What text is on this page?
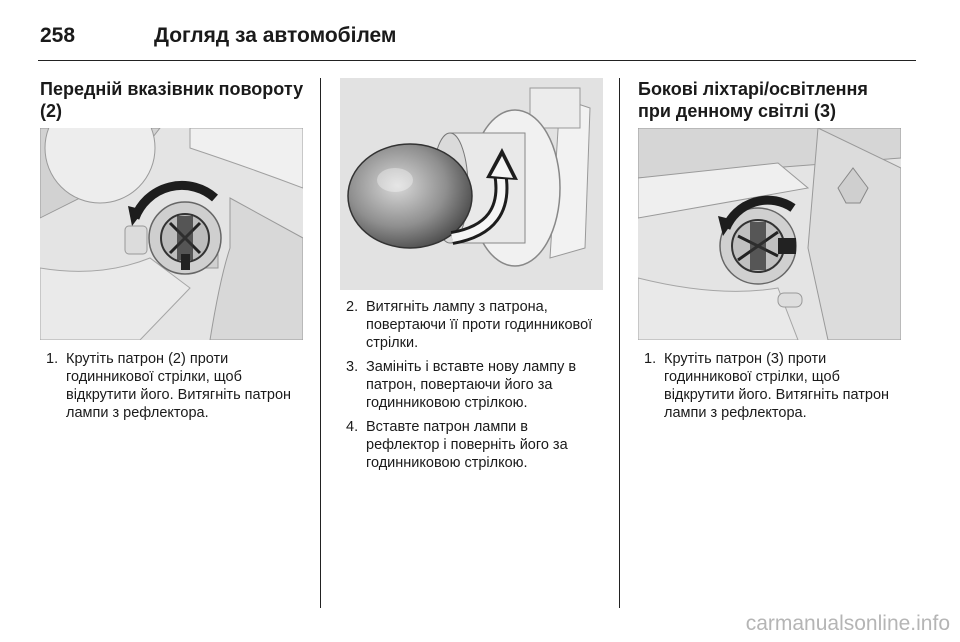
258	Догляд за автомобілем
Передній вказівник повороту (2)
1. Крутіть патрон (2) проти годинникової стрілки, щоб відкрутити його. Витягніть патрон лампи з рефлектора.
2. Витягніть лампу з патрона, повертаючи її проти годинникової стрілки.
3. Замініть і вставте нову лампу в патрон, повертаючи його за годинниковою стрілкою.
4. Вставте патрон лампи в рефлектор і поверніть його за годинниковою стрілкою.
Бокові ліхтарі/освітлення при денному світлі (3)
1. Крутіть патрон (3) проти годинникової стрілки, щоб відкрутити його. Витягніть патрон лампи з рефлектора.
carmanualsonline.info
